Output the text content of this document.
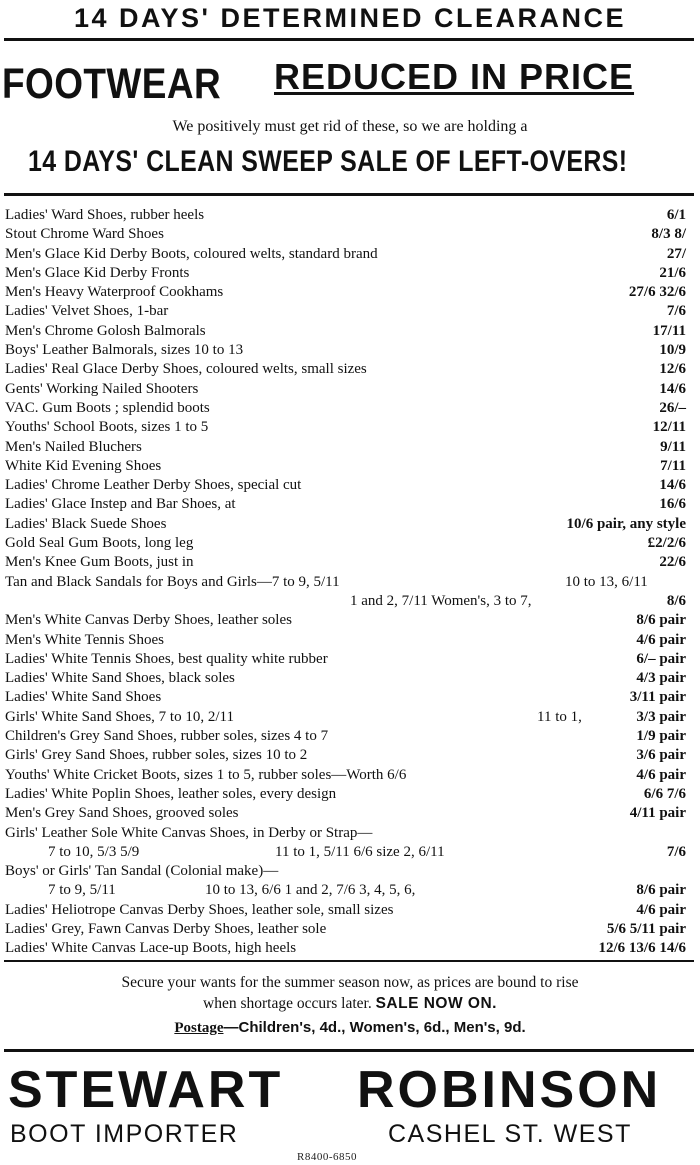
14 DAYS' DETERMINED CLEARANCE
FOOTWEAR REDUCED IN PRICE
We positively must get rid of these, so we are holding a
14 DAYS' CLEAN SWEEP SALE OF LEFT-OVERS!
Ladies' Ward Shoes, rubber heels	6/1
Stout Chrome Ward Shoes	8/3 8/
Men's Glace Kid Derby Boots, coloured welts, standard brand	27/
Men's Glace Kid Derby Fronts	21/6
Men's Heavy Waterproof Cookhams	27/6 32/6
Ladies' Velvet Shoes, 1-bar	7/6
Men's Chrome Golosh Balmorals	17/11
Boys' Leather Balmorals, sizes 10 to 13	10/9
Ladies' Real Glace Derby Shoes, coloured welts, small sizes	12/6
Gents' Working Nailed Shooters	14/6
VAC. Gum Boots ; splendid boots	26/–
Youths' School Boots, sizes 1 to 5	12/11
Men's Nailed Bluchers	9/11
White Kid Evening Shoes	7/11
Ladies' Chrome Leather Derby Shoes, special cut	14/6
Ladies' Glace Instep and Bar Shoes, at	16/6
Ladies' Black Suede Shoes	10/6 pair, any style
Gold Seal Gum Boots, long leg	£2/2/6
Men's Knee Gum Boots, just in	22/6
Tan and Black Sandals for Boys and Girls—7 to 9, 5/11	10 to 13, 6/11
1 and 2, 7/11 Women's, 3 to 7,	8/6
Men's White Canvas Derby Shoes, leather soles	8/6 pair
Men's White Tennis Shoes	4/6 pair
Ladies' White Tennis Shoes, best quality white rubber	6/– pair
Ladies' White Sand Shoes, black soles	4/3 pair
Ladies' White Sand Shoes	3/11 pair
Girls' White Sand Shoes, 7 to 10, 2/11	11 to 1,	3/3 pair
Children's Grey Sand Shoes, rubber soles, sizes 4 to 7	1/9 pair
Girls' Grey Sand Shoes, rubber soles, sizes 10 to 2	3/6 pair
Youths' White Cricket Boots, sizes 1 to 5, rubber soles—Worth 6/6	4/6 pair
Ladies' White Poplin Shoes, leather soles, every design	6/6 7/6
Men's Grey Sand Shoes, grooved soles	4/11 pair
Girls' Leather Sole White Canvas Shoes, in Derby or Strap—
7 to 10, 5/3 5/9	11 to 1, 5/11 6/6 size 2, 6/11	7/6
Boys' or Girls' Tan Sandal (Colonial make)—
7 to 9, 5/11	10 to 13, 6/6 1 and 2, 7/6 3, 4, 5, 6,	8/6 pair
Ladies' Heliotrope Canvas Derby Shoes, leather sole, small sizes	4/6 pair
Ladies' Grey, Fawn Canvas Derby Shoes, leather sole	5/6 5/11 pair
Ladies' White Canvas Lace-up Boots, high heels	12/6 13/6 14/6
Secure your wants for the summer season now, as prices are bound to rise
when shortage occurs later. SALE NOW ON.
Postage—Children's, 4d., Women's, 6d., Men's, 9d.
STEWART ROBINSON
BOOT IMPORTER	CASHEL ST. WEST
R8400-6850
